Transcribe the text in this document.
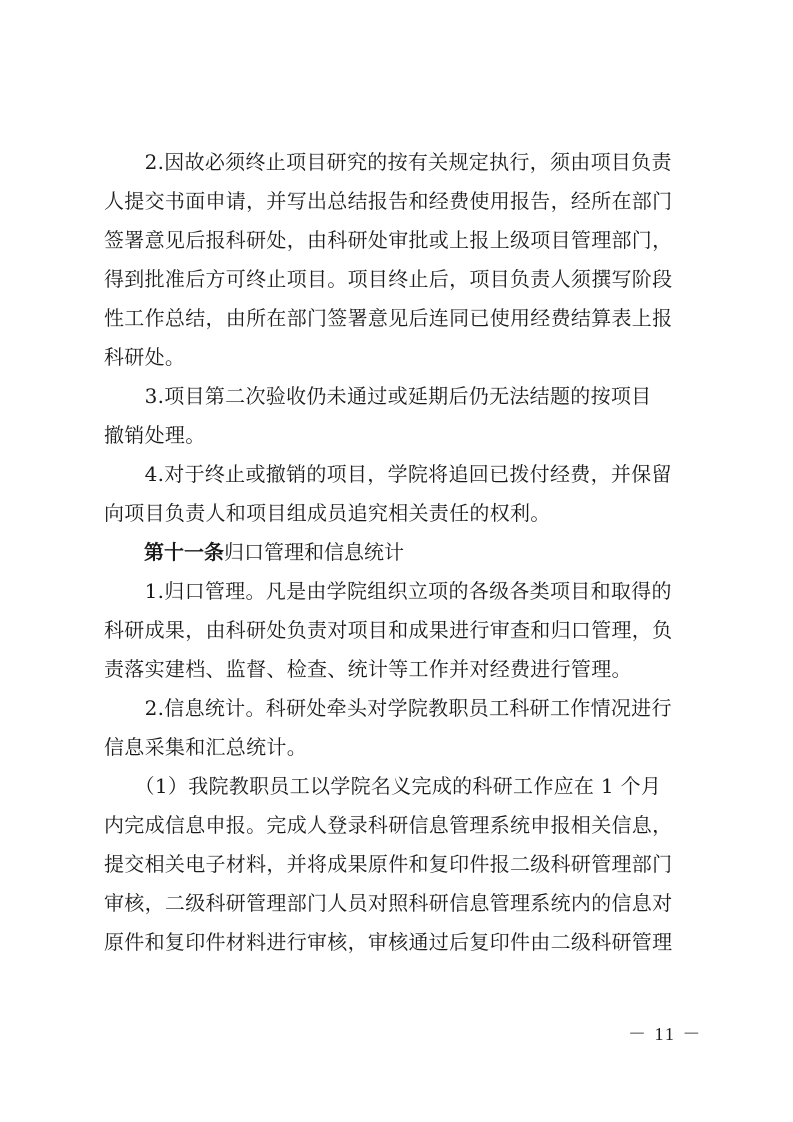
　　2.因故必须终止项目研究的按有关规定执行，须由项目负责
人提交书面申请，并写出总结报告和经费使用报告，经所在部门
签署意见后报科研处，由科研处审批或上报上级项目管理部门，
得到批准后方可终止项目。项目终止后，项目负责人须撰写阶段
性工作总结，由所在部门签署意见后连同已使用经费结算表上报
科研处。

　　3.项目第二次验收仍未通过或延期后仍无法结题的按项目
撤销处理。

　　4.对于终止或撤销的项目，学院将追回已拨付经费，并保留
向项目负责人和项目组成员追究相关责任的权利。

　　第十一条归口管理和信息统计

　　1.归口管理。凡是由学院组织立项的各级各类项目和取得的
科研成果，由科研处负责对项目和成果进行审查和归口管理，负
责落实建档、监督、检查、统计等工作并对经费进行管理。

　　2.信息统计。科研处牵头对学院教职员工科研工作情况进行
信息采集和汇总统计。

　　（1）我院教职员工以学院名义完成的科研工作应在 1 个月
内完成信息申报。完成人登录科研信息管理系统申报相关信息，
提交相关电子材料，并将成果原件和复印件报二级科研管理部门
审核，二级科研管理部门人员对照科研信息管理系统内的信息对
原件和复印件材料进行审核，审核通过后复印件由二级科研管理

－ 11 －
